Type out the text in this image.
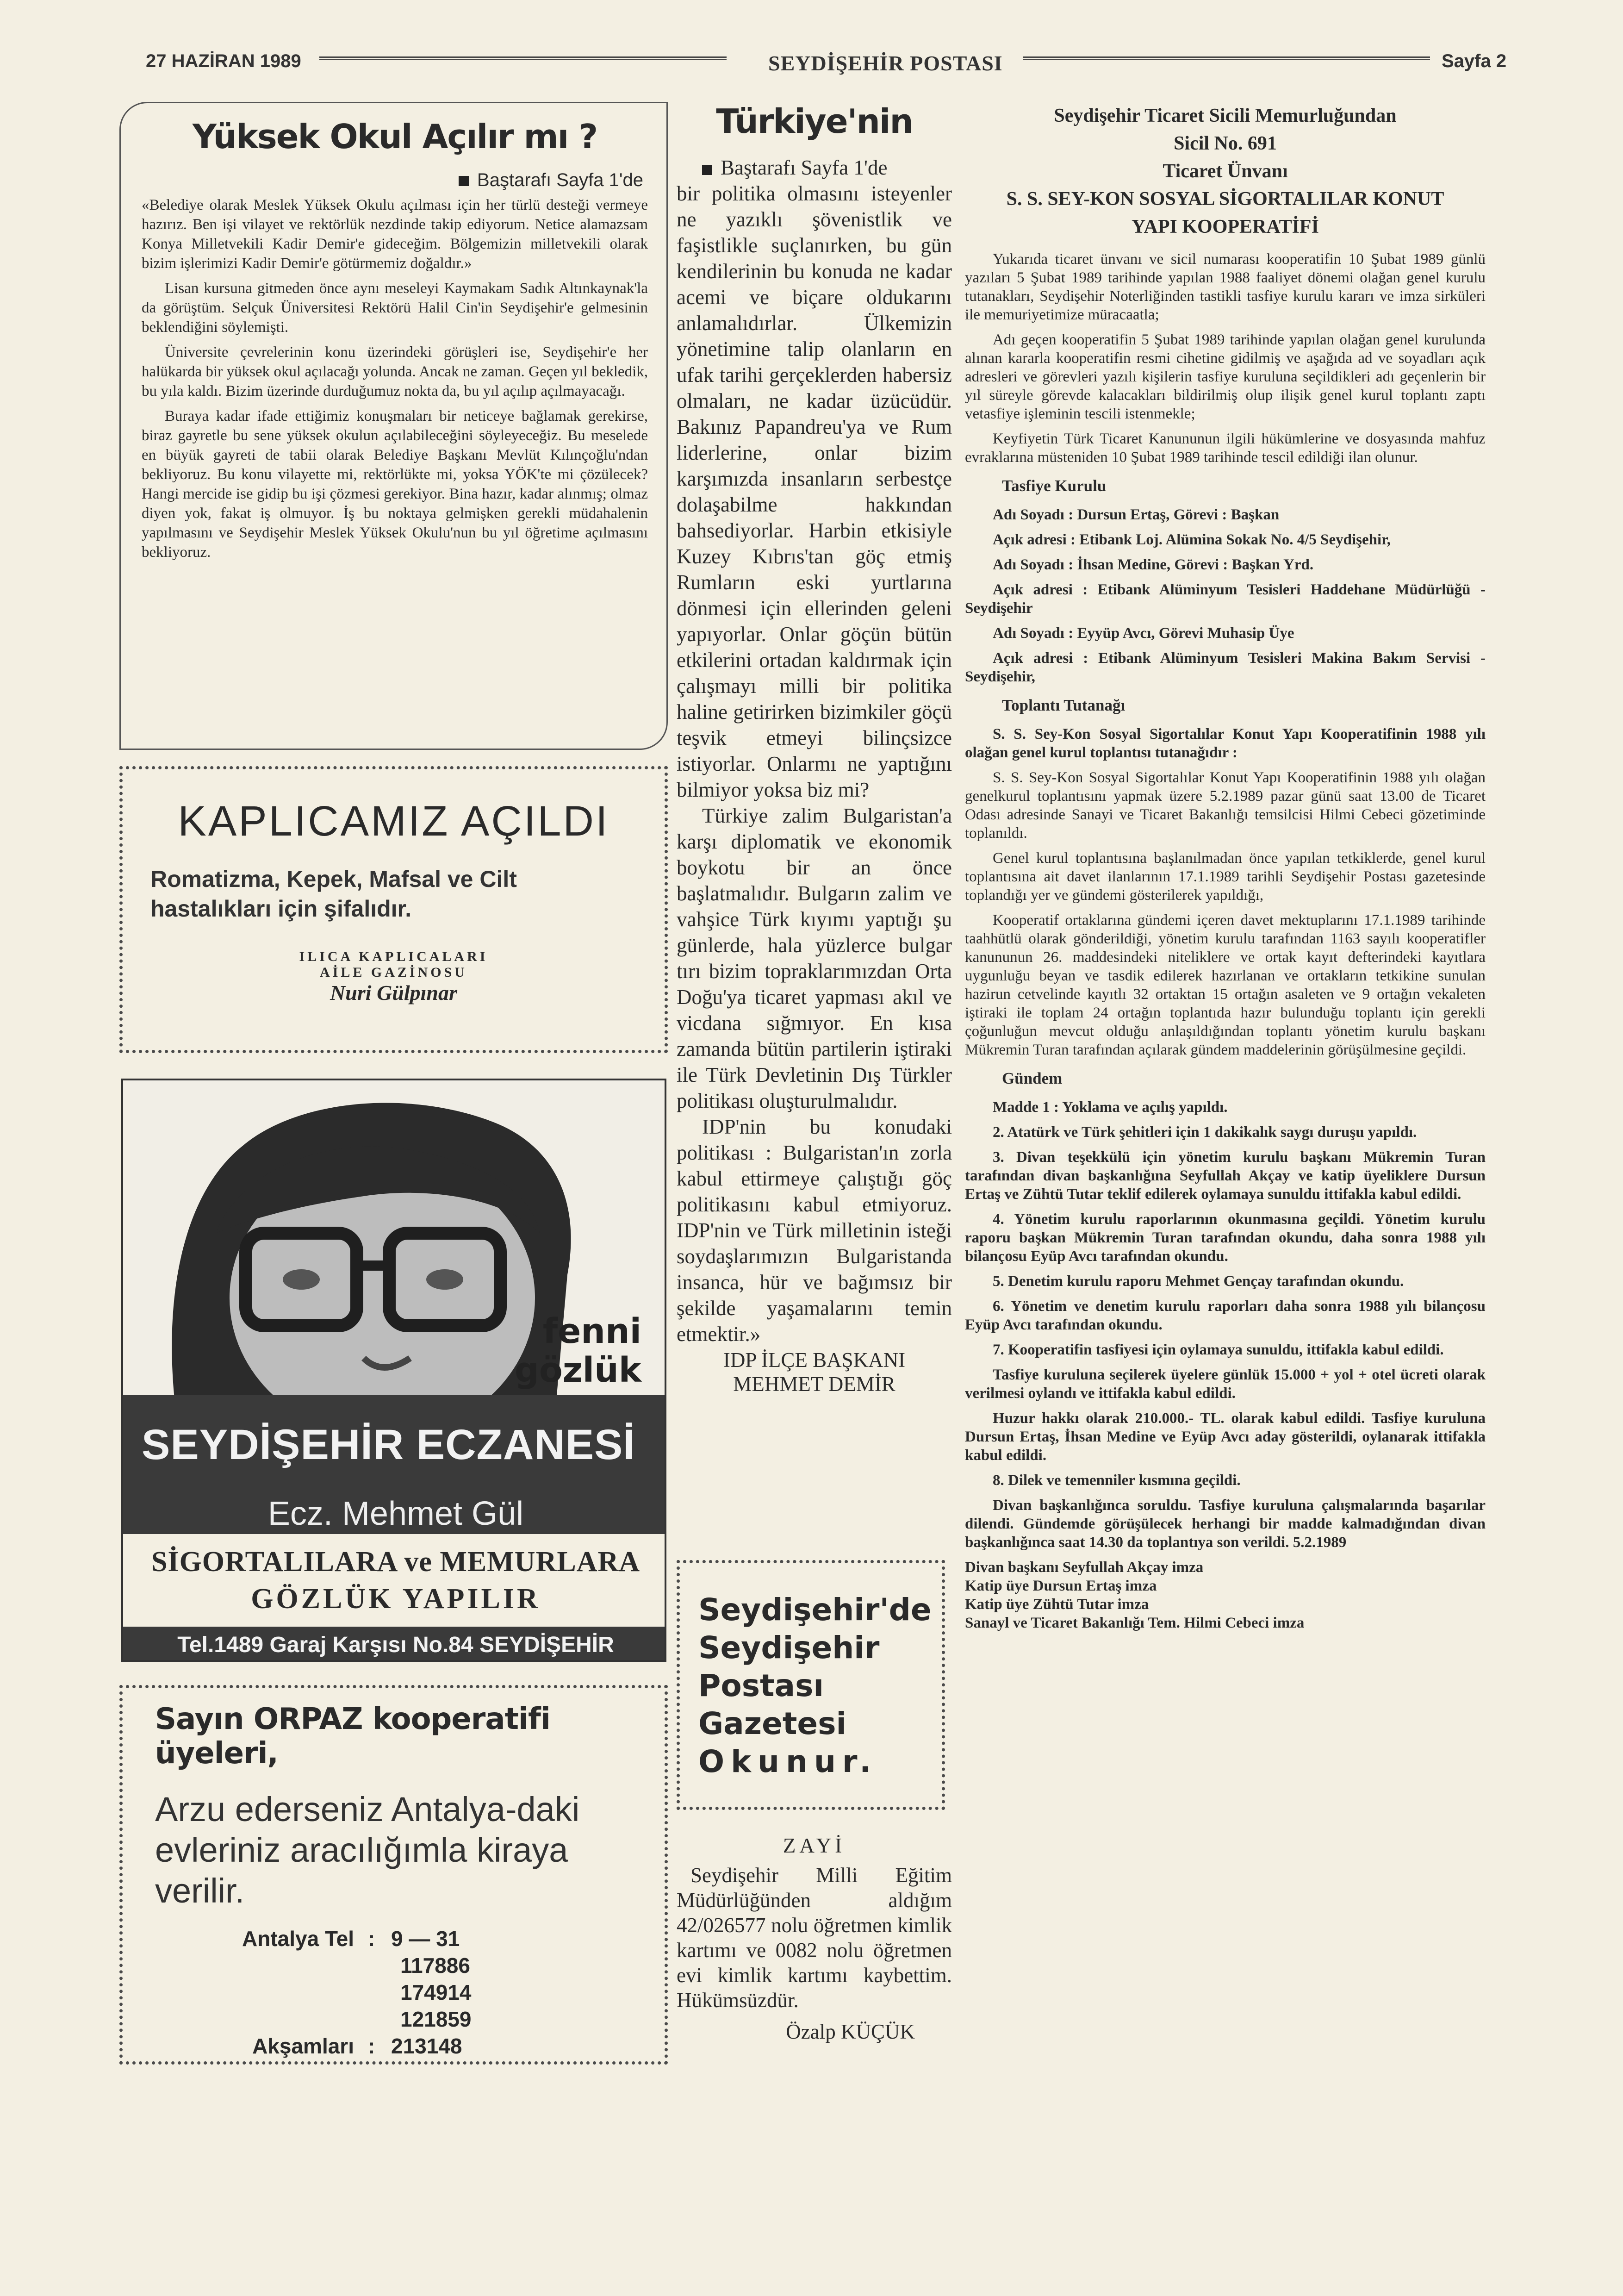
27 HAZİRAN 1989	SEYDİŞEHİR POSTASI	Sayfa 2
Yüksek Okul Açılır mı ?
Baştarafı Sayfa 1'de

«Belediye olarak Meslek Yüksek Okulu açılması için her türlü desteği vermeye hazırız. Ben işi vilayet ve rektörlük nezdinde takip ediyorum. Netice alamazsam Konya Milletvekili Kadir Demir'e gideceğim. Bölgemizin milletvekili olarak bizim işlerimizi Kadir Demir'e götürmemiz doğaldır.»

Lisan kursuna gitmeden önce aynı meseleyi Kaymakam Sadık Altınkaynak'la da görüştüm. Selçuk Üniversitesi Rektörü Halil Cin'in Seydişehir'e gelmesinin beklendiğini söylemişti.

Üniversite çevrelerinin konu üzerindeki görüşleri ise, Seydişehir'e her halükarda bir yüksek okul açılacağı yolunda. Ancak ne zaman. Geçen yıl bekledik, bu yıla kaldı. Bizim üzerinde durduğumuz nokta da, bu yıl açılıp açılmayacağı.

Buraya kadar ifade ettiğimiz konuşmaları bir neticeye bağlamak gerekirse, biraz gayretle bu sene yüksek okulun açılabileceğini söyleyeceğiz. Bu meselede en büyük gayreti de tabii olarak Belediye Başkanı Mevlüt Kılınçoğlu'ndan bekliyoruz. Bu konu vilayette mi, rektörlükte mi, yoksa YÖK'te mi çözülecek? Hangi mercide ise gidip bu işi çözmesi gerekiyor. Bina hazır, kadar alınmış; olmaz diyen yok, fakat iş olmuyor. İş bu noktaya gelmişken gerekli müdahalenin yapılmasını ve Seydişehir Meslek Yüksek Okulu'nun bu yıl öğretime açılmasını bekliyoruz.

KAPLICAMIZ AÇILDI
Romatizma, Kepek, Mafsal ve Cilt hastalıkları için şifalıdır.
ILICA KAPLICALARI
AİLE GAZİNOSU
Nuri Gülpınar
fenni
gözlük
SEYDİŞEHİR ECZANESİ
Ecz. Mehmet Gül
SİGORTALILARA ve MEMURLARA
GÖZLÜK YAPILIR
Tel.1489 Garaj Karşısı No.84 SEYDİŞEHİR
Sayın ORPAZ kooperatifi üyeleri,
Arzu ederseniz Antalya-daki evleriniz aracılığımla kiraya verilir.
Antalya Tel : 9 — 31
117886
174914
121859
Akşamları : 213148
Türkiye'nin

Baştarafı Sayfa 1'de

bir politika olmasını isteyenler ne yazıklı şövenistlik ve faşistlikle suçlanırken, bu gün kendilerinin bu konuda ne kadar acemi ve biçare oldukarını anlamalıdırlar. Ülkemizin yönetimine talip olanların en ufak tarihi gerçeklerden habersiz olmaları, ne kadar üzücüdür. Bakınız Papandreu'ya ve Rum liderlerine, onlar bizim karşımızda insanların serbestçe dolaşabilme hakkından bahsediyorlar. Harbin etkisiyle Kuzey Kıbrıs'tan göç etmiş Rumların eski yurtlarına dönmesi için ellerinden geleni yapıyorlar. Onlar göçün bütün etkilerini ortadan kaldırmak için çalışmayı milli bir politika haline getirirken bizimkiler göçü teşvik etmeyi bilinçsizce istiyorlar. Onlarmı ne yaptığını bilmiyor yoksa biz mi?

Türkiye zalim Bulgaristan'a karşı diplomatik ve ekonomik boykotu bir an önce başlatmalıdır. Bulgarın zalim ve vahşice Türk kıyımı yaptığı şu günlerde, hala yüzlerce bulgar tırı bizim topraklarımızdan Orta Doğu'ya ticaret yapması akıl ve vicdana sığmıyor. En kısa zamanda bütün partilerin iştiraki ile Türk Devletinin Dış Türkler politikası oluşturulmalıdır.

IDP'nin bu konudaki politikası : Bulgaristan'ın zorla kabul ettirmeye çalıştığı göç politikasını kabul etmiyoruz. IDP'nin ve Türk milletinin isteği soydaşlarımızın Bulgaristanda insanca, hür ve bağımsız bir şekilde yaşamalarını temin etmektir.»

IDP İLÇE BAŞKANI
MEHMET DEMİR
Seydişehir'de
Seydişehir
Postası
Gazetesi
Okunur.
ZAYİ

Seydişehir Milli Eğitim Müdürlüğünden aldığım 42/026577 nolu öğretmen kimlik kartımı ve 0082 nolu öğretmen evi kimlik kartımı kaybettim. Hükümsüzdür.

Özalp KÜÇÜK
Seydişehir Ticaret Sicili Memurluğundan
Sicil No. 691
Ticaret Ünvanı
S. S. SEY-KON SOSYAL SİGORTALILAR KONUT
YAPI KOOPERATİFİ

Yukarıda ticaret ünvanı ve sicil numarası kooperatifin 10 Şubat 1989 günlü yazıları 5 Şubat 1989 tarihinde yapılan 1988 faaliyet dönemi olağan genel kurulu tutanakları, Seydişehir Noterliğinden tastikli tasfiye kurulu kararı ve imza sirküleri ile memuriyetimize müracaatla;

Adı geçen kooperatifin 5 Şubat 1989 tarihinde yapılan olağan genel kurulunda alınan kararla kooperatifin resmi cihetine gidilmiş ve aşağıda ad ve soyadları açık adresleri ve görevleri yazılı kişilerin tasfiye kuruluna seçildikleri adı geçenlerin bir yıl süreyle görevde kalacakları bildirilmiş olup ilişik genel kurul toplantı zaptı vetasfiye işleminin tescili istenmekle;

Keyfiyetin Türk Ticaret Kanununun ilgili hükümlerine ve dosyasında mahfuz evraklarına müsteniden 10 Şubat 1989 tarihinde tescil edildiği ilan olunur.

Tasfiye Kurulu

Adı Soyadı : Dursun Ertaş, Görevi : Başkan

Açık adresi : Etibank Loj. Alümina Sokak No. 4/5 Seydişehir,

Adı Soyadı : İhsan Medine, Görevi : Başkan Yrd.

Açık adresi : Etibank Alüminyum Tesisleri Haddehane Müdürlüğü - Seydişehir

Adı Soyadı : Eyyüp Avcı, Görevi Muhasip Üye

Açık adresi : Etibank Alüminyum Tesisleri Makina Bakım Servisi - Seydişehir,

Toplantı Tutanağı

S. S. Sey-Kon Sosyal Sigortalılar Konut Yapı Kooperatifinin 1988 yılı olağan genel kurul toplantısı tutanağıdır :

S. S. Sey-Kon Sosyal Sigortalılar Konut Yapı Kooperatifinin 1988 yılı olağan genelkurul toplantısını yapmak üzere 5.2.1989 pazar günü saat 13.00 de Ticaret Odası adresinde Sanayi ve Ticaret Bakanlığı temsilcisi Hilmi Cebeci gözetiminde toplanıldı.

Genel kurul toplantısına başlanılmadan önce yapılan tetkiklerde, genel kurul toplantısına ait davet ilanlarının 17.1.1989 tarihli Seydişehir Postası gazetesinde toplandığı yer ve gündemi gösterilerek yapıldığı,

Kooperatif ortaklarına gündemi içeren davet mektuplarını 17.1.1989 tarihinde taahhütlü olarak gönderildiği, yönetim kurulu tarafından 1163 sayılı kooperatifler kanununun 26. maddesindeki niteliklere ve ortak kayıt defterindeki kayıtlara uygunluğu beyan ve tasdik edilerek hazırlanan ve ortakların tetkikine sunulan hazirun cetvelinde kayıtlı 32 ortaktan 15 ortağın asaleten ve 9 ortağın vekaleten iştiraki ile toplam 24 ortağın toplantıda hazır bulunduğu toplantı için gerekli çoğunluğun mevcut olduğu anlaşıldığından toplantı yönetim kurulu başkanı Mükremin Turan tarafından açılarak gündem maddelerinin görüşülmesine geçildi.

Gündem

Madde 1 : Yoklama ve açılış yapıldı.

2. Atatürk ve Türk şehitleri için 1 dakikalık saygı duruşu yapıldı.

3. Divan teşekkülü için yönetim kurulu başkanı Mükremin Turan tarafından divan başkanlığına Seyfullah Akçay ve katip üyeliklere Dursun Ertaş ve Zühtü Tutar teklif edilerek oylamaya sunuldu ittifakla kabul edildi.

4. Yönetim kurulu raporlarının okunmasına geçildi. Yönetim kurulu raporu başkan Mükremin Turan tarafından okundu, daha sonra 1988 yılı bilançosu Eyüp Avcı tarafından okundu.

5. Denetim kurulu raporu Mehmet Gençay tarafından okundu.

6. Yönetim ve denetim kurulu raporları daha sonra 1988 yılı bilançosu Eyüp Avcı tarafından okundu.

7. Kooperatifin tasfiyesi için oylamaya sunuldu, ittifakla kabul edildi.

Tasfiye kuruluna seçilerek üyelere günlük 15.000 + yol + otel ücreti olarak verilmesi oylandı ve ittifakla kabul edildi.

Huzur hakkı olarak 210.000.- TL. olarak kabul edildi. Tasfiye kuruluna Dursun Ertaş, İhsan Medine ve Eyüp Avcı aday gösterildi, oylanarak ittifakla kabul edildi.

8. Dilek ve temenniler kısmına geçildi.

Divan başkanlığınca soruldu. Tasfiye kuruluna çalışmalarında başarılar dilendi. Gündemde görüşülecek herhangi bir madde kalmadığından divan başkanlığınca saat 14.30 da toplantıya son verildi. 5.2.1989

Divan başkanı Seyfullah Akçay imza

Katip üye Dursun Ertaş imza

Katip üye Zühtü Tutar imza

Sanayl ve Ticaret Bakanlığı Tem. Hilmi Cebeci imza
